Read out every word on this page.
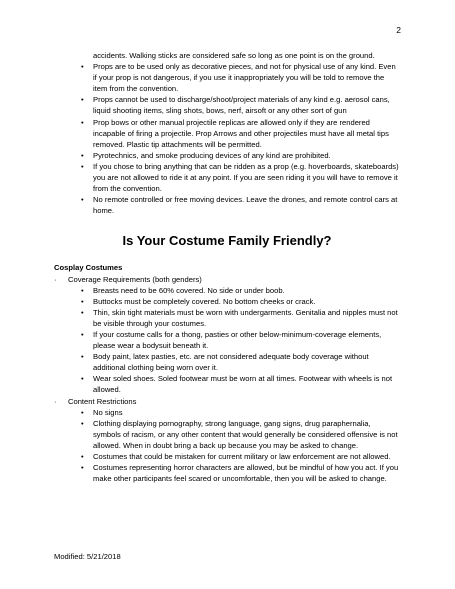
2
accidents. Walking sticks are considered safe so long as one point is on the ground.
• Props are to be used only as decorative pieces, and not for physical use of any kind. Even if your prop is not dangerous, if you use it inappropriately you will be told to remove the item from the convention.
• Props cannot be used to discharge/shoot/project materials of any kind e.g. aerosol cans, liquid shooting items, sling shots, bows, nerf, airsoft or any other sort of gun
• Prop bows or other manual projectile replicas are allowed only if they are rendered incapable of firing a projectile. Prop Arrows and other projectiles must have all metal tips removed. Plastic tip attachments will be permitted.
• Pyrotechnics, and smoke producing devices of any kind are prohibited.
• If you chose to bring anything that can be ridden as a prop (e.g. hoverboards, skateboards) you are not allowed to ride it at any point. If you are seen riding it you will have to remove it from the convention.
• No remote controlled or free moving devices. Leave the drones, and remote control cars at home.
Is Your Costume Family Friendly?
Cosplay Costumes
· Coverage Requirements (both genders)
• Breasts need to be 60% covered. No side or under boob.
• Buttocks must be completely covered. No bottom cheeks or crack.
• Thin, skin tight materials must be worn with undergarments. Genitalia and nipples must not be visible through your costumes.
• If your costume calls for a thong, pasties or other below-minimum-coverage elements, please wear a bodysuit beneath it.
• Body paint, latex pasties, etc. are not considered adequate body coverage without additional clothing being worn over it.
• Wear soled shoes. Soled footwear must be worn at all times. Footwear with wheels is not allowed.
· Content Restrictions
• No signs
• Clothing displaying pornography, strong language, gang signs, drug paraphernalia, symbols of racism, or any other content that would generally be considered offensive is not allowed. When in doubt bring a back up because you may be asked to change.
• Costumes that could be mistaken for current military or law enforcement are not allowed.
• Costumes representing horror characters are allowed, but be mindful of how you act. If you make other participants feel scared or uncomfortable, then you will be asked to change.
Modified: 5/21/2018
